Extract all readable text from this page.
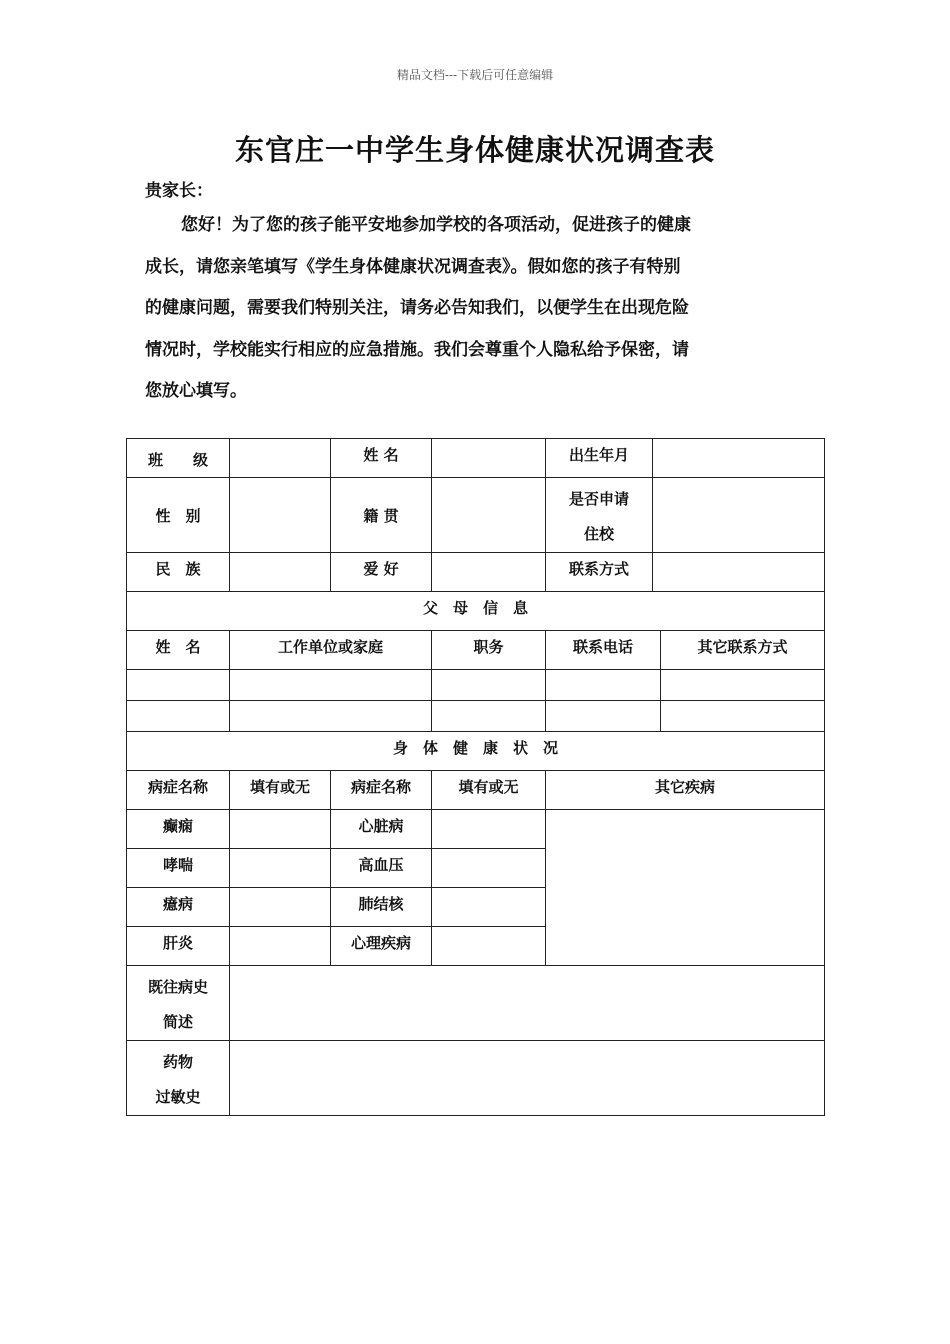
精品文档---下载后可任意编辑
东官庄一中学生身体健康状况调查表
贵家长：
您好！为了您的孩子能平安地参加学校的各项活动，促进孩子的健康
成长，请您亲笔填写《学生身体健康状况调查表》。假如您的孩子有特别
的健康问题，需要我们特别关注，请务必告知我们，以便学生在出现危险
情况时，学校能实行相应的应急措施。我们会尊重个人隐私给予保密，请
您放心填写。
班　　级		姓 名		出生年月		

性　别		籍 贯		是否申请
住校		

民　族		爱 好		联系方式		

父　母　信　息						

姓　名	工作单位或家庭		职务	联系电话		其它联系方式

身　体　健　康　状　况						

病症名称	填有或无	病症名称	填有或无	其它疾病		

癫痫		心脏病				

哮喘		高血压				

癔病		肺结核				

肝炎		心理疾病				

既往病史
简述						

药物
过敏史						
